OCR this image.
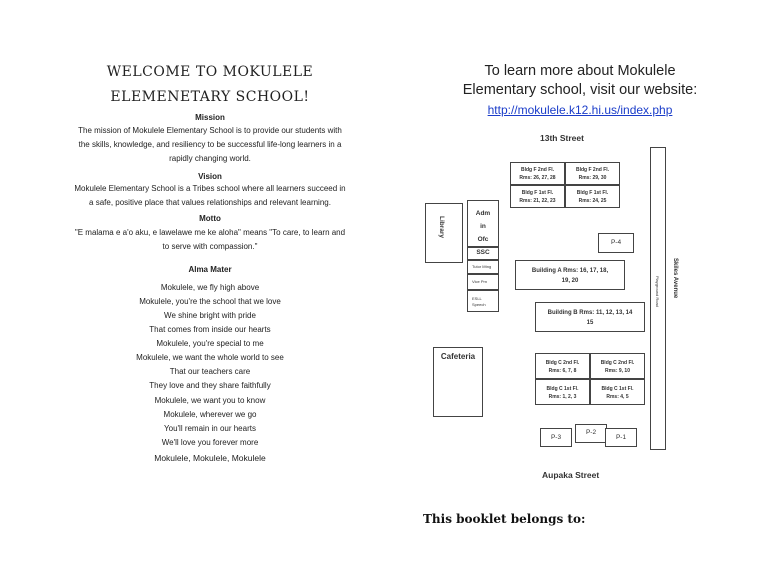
WELCOME TO MOKULELE
ELEMENETARY SCHOOL!
Mission
The mission of Mokulele Elementary School is to provide our students with
the skills, knowledge, and resiliency to be successful life-long learners in a
rapidly changing world.
Vision
Mokulele Elementary School is a Tribes school where all learners succeed in
a safe, positive place that values relationships and relevant learning.
Motto
"E malama e a'o aku, e lawelawe me ke aloha" means "To care, to learn and
to serve with compassion."
Alma Mater
Mokulele, we fly high above
Mokulele, you're the school that we love
We shine bright with pride
That comes from inside our hearts
Mokulele, you're special to me
Mokulele, we want the whole world to see
That our teachers care
They love and they share faithfully
Mokulele, we want you to know
Mokulele, wherever we go
You'll remain in our hearts
We'll love you forever more
Mokulele, Mokulele, Mokulele
To learn more about Mokulele
Elementary school, visit our website:
http://mokulele.k12.hi.us/index.php
13th Street
Library
Adm
in
Ofc
SSC
Tutor Mtng
Vice Prn
ESLL
Speech
Bldg F 2nd Fl.
Rms: 26, 27, 28
Bldg F 2nd Fl.
Rms: 29, 30
Bldg F 1st Fl.
Rms: 21, 22, 23
Bldg F 1st Fl.
Rms: 24, 25
P-4
Building A Rms: 16, 17, 18,
19, 20
Building B Rms: 11, 12, 13, 14
15
Cafeteria
Bldg C 2nd Fl.
Rms: 6, 7, 8
Bldg C 2nd Fl.
Rms: 9, 10
Bldg C 1st Fl.
Rms: 1, 2, 3
Bldg C 1st Fl.
Rms: 4, 5
P-3
P-2
P-1
Playground Road Skiles Avenue
Aupaka Street
This booklet belongs to:
